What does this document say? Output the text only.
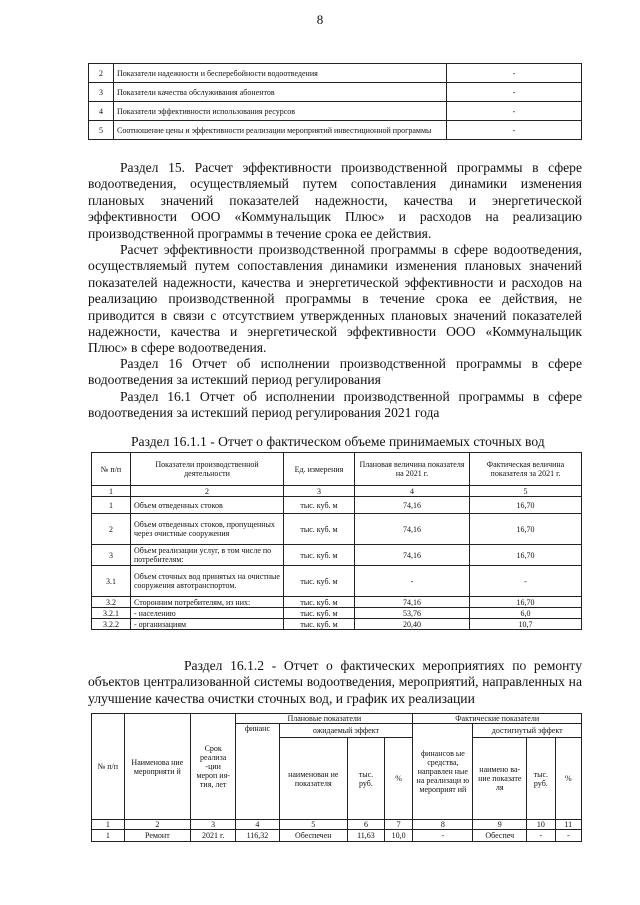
8
2	Показатели надежности и бесперебойности водоотведения	-
3	Показатели качества обслуживания абонентов	-
4	Показатели эффективности использования ресурсов	-
5	Соотношение цены и эффективности реализации мероприятий инвестиционной программы	-

Раздел 15. Расчет эффективности производственной программы в сфере водоотведения, осуществляемый путем сопоставления динамики изменения плановых значений показателей надежности, качества и энергетической эффективности ООО «Коммунальщик Плюс» и расходов на реализацию производственной программы в течение срока ее действия.

Расчет эффективности производственной программы в сфере водоотведения, осуществляемый путем сопоставления динамики изменения плановых значений показателей надежности, качества и энергетической эффективности и расходов на реализацию производственной программы в течение срока ее действия, не приводится в связи с отсутствием утвержденных плановых значений показателей надежности, качества и энергетической эффективности ООО «Коммунальщик Плюс» в сфере водоотведения.

Раздел 16 Отчет об исполнении производственной программы в сфере водоотведения за истекший период регулирования

Раздел 16.1 Отчет об исполнении производственной программы в сфере водоотведения за истекший период регулирования 2021 года

Раздел 16.1.1 - Отчет о фактическом объеме принимаемых сточных вод
№ п/п	Показатели производственной деятельности	Ед. измерения	Плановая величина показателя на 2021 г.	Фактическая величина показателя за 2021 г.
1	2	3	4	5
1	Объем отведенных стоков	тыс. куб. м	74,16	16,70
2	Объем отведенных стоков, пропущенных через очистные сооружения	тыс. куб. м	74,16	16,70
3	Объем реализации услуг, в том числе по потребителям:	тыс. куб. м	74,16	16,70
3.1	Объем сточных вод принятых на очистные сооружения автотранспортом.	тыс. куб. м	-	-
3.2	Сторонним потребителям, из них:	тыс. куб. м	74,16	16,70
3.2.1	- населению	тыс. куб. м	53,76	6,0
3.2.2	- организациям	тыс. куб. м	20,40	10,7

Раздел 16.1.2 - Отчет о фактических мероприятиях по ремонту объектов централизованной системы водоотведения, мероприятий, направленных на улучшение качества очистки сточных вод, и график их реализации

№ п/п	Наименова ние мероприяти й	Срок реализа -ции мероп ия-тия, лет	Плановые показатели				Фактические показатели			
			финанс	ожидаемый эффект			финансов ые средства, направлен ные на реализаци ю мероприят ий	достигнутый эффект		
				наименован ие показателя	тыс. руб.	%		наимено ва-ние показате ля	тыс. руб.	%
1	2	3	4	5	6	7	8	9	10	11
1	Ремонт	2021 г.	116,32	Обеспечен	11,63	10,0	-	Обеспеч	-	-
